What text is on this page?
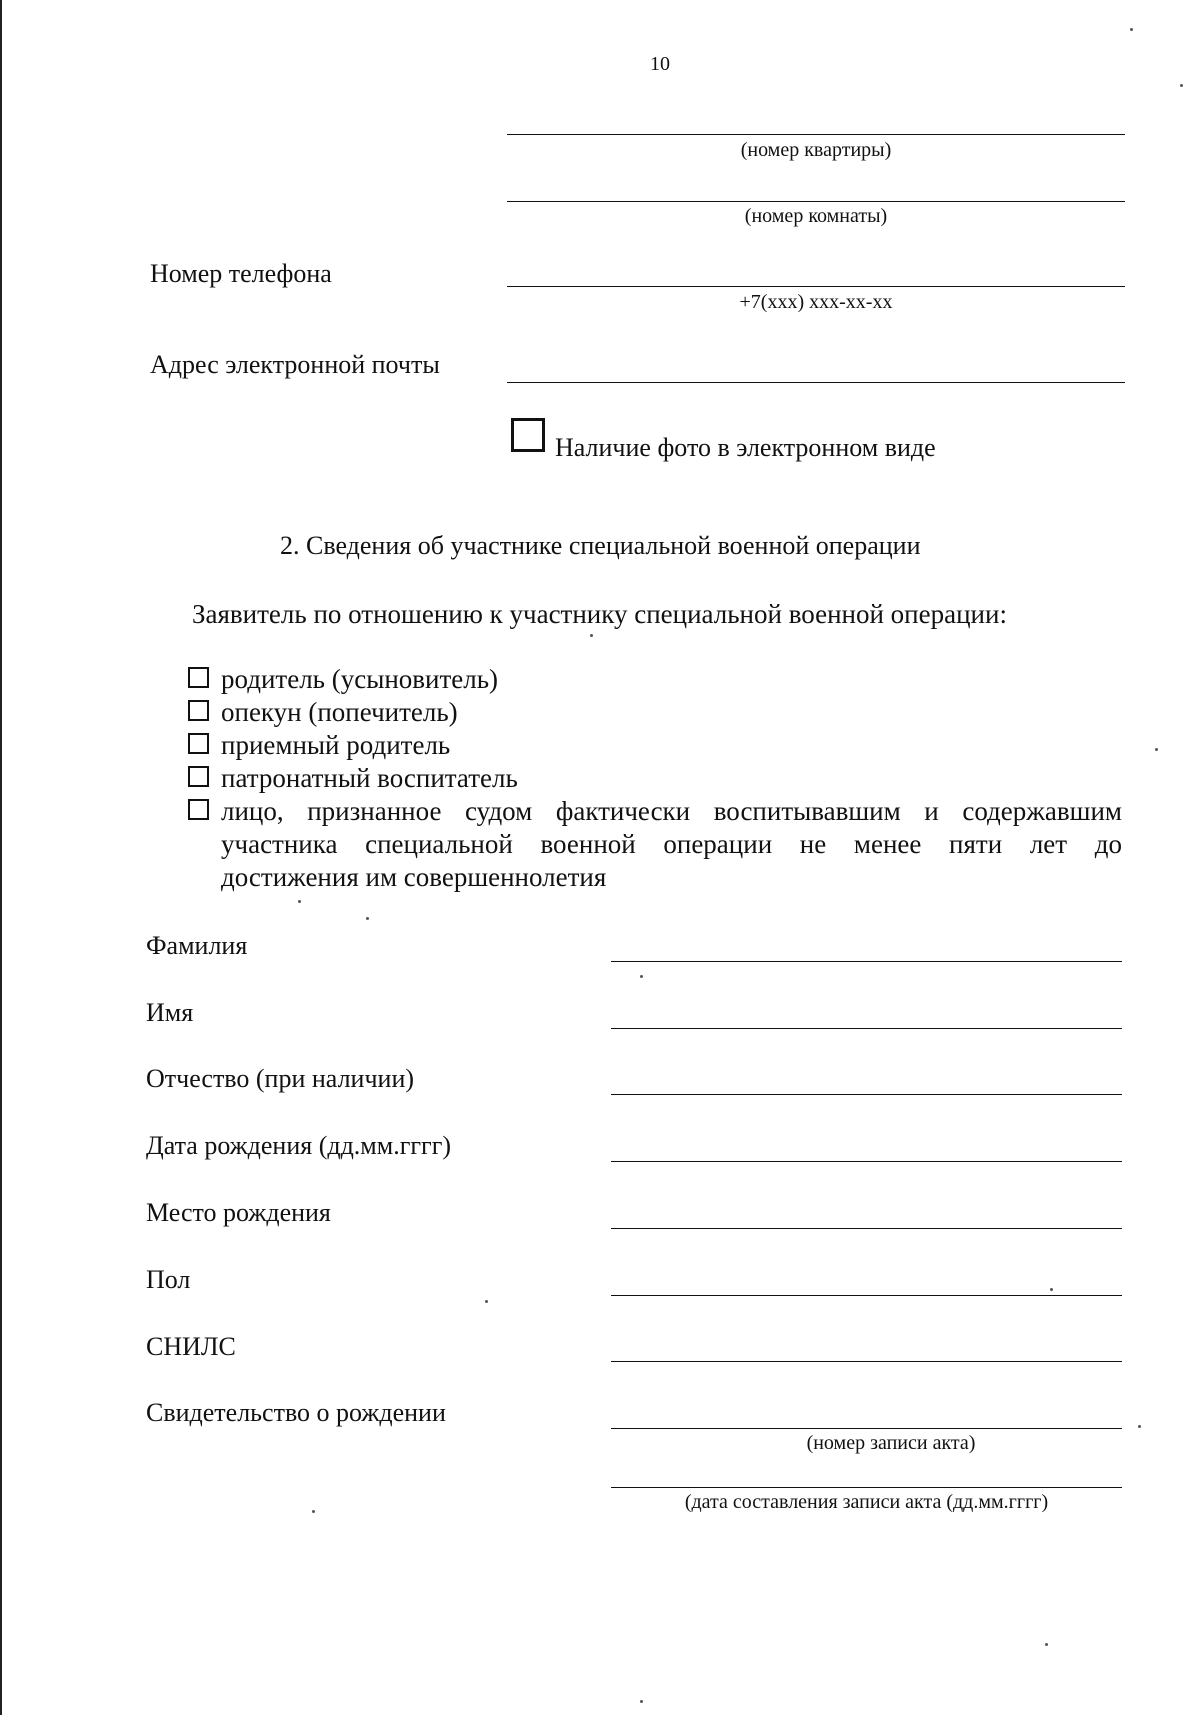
10
(номер квартиры)
(номер комнаты)
Номер телефона
+7(xxx) xxx-xx-xx
Адрес электронной почты
Наличие фото в электронном виде
2. Сведения об участнике специальной военной операции
Заявитель по отношению к участнику специальной военной операции:
родитель (усыновитель)
опекун (попечитель)
приемный родитель
патронатный воспитатель
лицо, признанное судом фактически воспитывавшим и содержавшим
участника специальной военной операции не менее пяти лет до
достижения им совершеннолетия
Фамилия
Имя
Отчество (при наличии)
Дата рождения (дд.мм.гггг)
Место рождения
Пол
СНИЛС
Свидетельство о рождении
(номер записи акта)
(дата составления записи акта (дд.мм.гггг)
